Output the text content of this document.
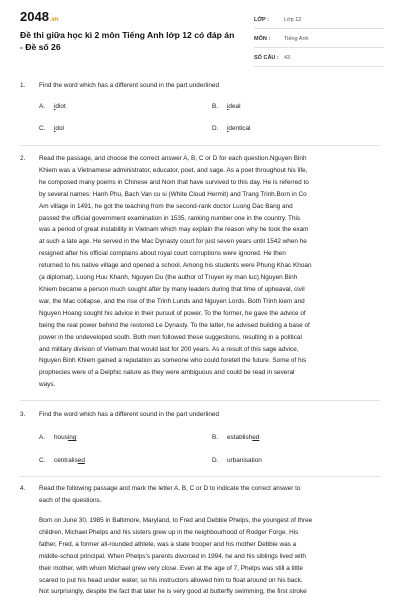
2048.vn
Đề thi giữa học kì 2 môn Tiếng Anh lớp 12 có đáp án - Đề số 26
LỚP :	Lớp 12
MÔN :	Tiếng Anh
SỐ CÂU : 43
1.	Find the word which has a different sound in the part underlined
A. idiot	B. ideal
C. idol	D. identical
2.	Read the passage, and choose the correct answer A, B, C or D for each question.Nguyen Binh
Khiem was a Vietnamese administrator, educator, poet, and sage. As a poet throughout his life,
he composed many poems in Chinese and Nom that have survived to this day. He is referred to
by several names: Hanh Phu, Bach Van cu si (White Cloud Hermit) and Trang Trinh.Born in Co
Am village in 1491, he got the teaching from the second-rank doctor Luong Dac Bang and
passed the official government examination in 1535, ranking number one in the country. This
was a period of great instability in Vietnam which may explain the reason why he took the exam
at such a late age. He served in the Mac Dynasty court for just seven years until 1542 when he
resigned after his official complains about royal court corruptions were ignored. He then
returned to his native village and opened a school. Among his students were Phung Khac Khoan
(a diplomat), Luong Huu Khanh, Nguyen Du (the author of Truyen ky man luc).Nguyen Binh
Khiem became a person much sought after by many leaders during that time of upheaval, civil
war, the Mac collapse, and the rise of the Trinh Lunds and Nguyen Lords. Both Trinh kiem and
Nguyen Hoang sought his advice in their pursuit of power. To the former, he gave the advice of
being the real power behind the restored Le Dynasty. To the latter, he advised building a base of
power in the undeveloped south. Both men followed these suggestions, resulting in a political
and military division of Vietnam that would last for 200 years. As a result of this sage advice,
Nguyen Binh Khiem gained a reputation as someone who could foretell the future. Some of his
prophecies were of a Delphic nature as they were ambiguous and could be read in several
ways.
3.	Find the word which has a different sound in the part underlined
A. housing	B. established
C. centralised	D. urbanisation
4.	Read the following passage and mark the letter A, B, C or D to indicate the correct answer to
each of the questions.
Born on June 30, 1985 in Baltimore, Maryland, to Fred and Debbie Phelps, the youngest of three
children, Michael Phelps and his sisters grew up in the neighbourhood of Rodger Forge. His
father, Fred, a former all-rounded athlete, was a state trooper and his mother Debbie was a
middle-school principal. When Phelps's parents divorced in 1994, he and his siblings lived with
their mother, with whom Michael grew very close. Even at the age of 7, Phelps was still a little
scared to put his head under water, so his instructors allowed him to float around on his back.
Not surprisingly, despite the fact that later he is very good at butterfly swimming, the first stroke
